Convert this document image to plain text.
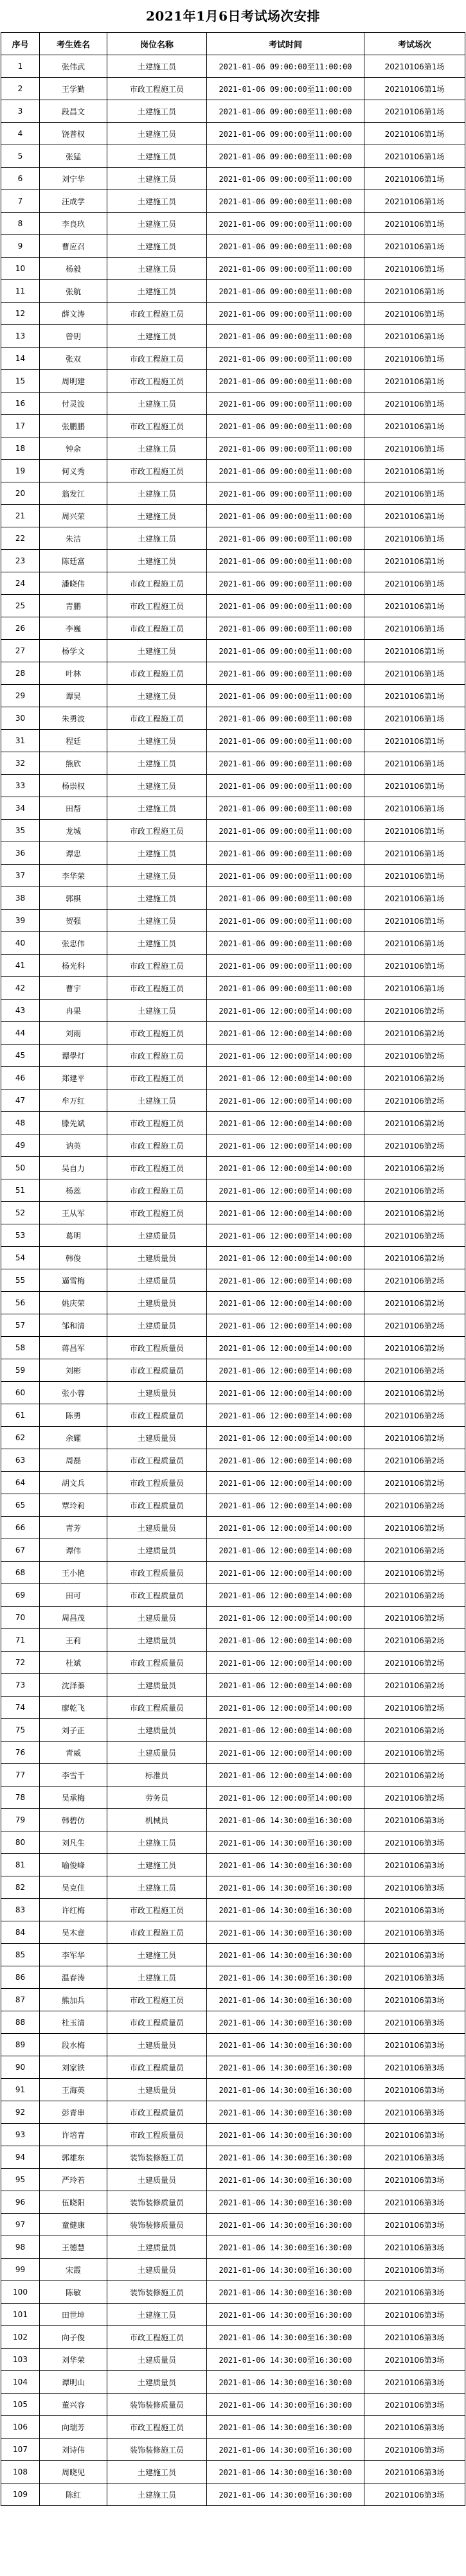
2021年1月6日考试场次安排
序号	考生姓名	岗位名称	考试时间	考试场次
1	张伟武	土建施工员	2021-01-06 09:00:00至11:00:00	20210106第1场
2	王学勤	市政工程施工员	2021-01-06 09:00:00至11:00:00	20210106第1场
3	段昌文	土建施工员	2021-01-06 09:00:00至11:00:00	20210106第1场
4	饶普权	土建施工员	2021-01-06 09:00:00至11:00:00	20210106第1场
5	张猛	土建施工员	2021-01-06 09:00:00至11:00:00	20210106第1场
6	刘宁华	土建施工员	2021-01-06 09:00:00至11:00:00	20210106第1场
7	汪成学	土建施工员	2021-01-06 09:00:00至11:00:00	20210106第1场
8	李良玖	土建施工员	2021-01-06 09:00:00至11:00:00	20210106第1场
9	曹应召	土建施工员	2021-01-06 09:00:00至11:00:00	20210106第1场
10	杨毅	土建施工员	2021-01-06 09:00:00至11:00:00	20210106第1场
11	张航	土建施工员	2021-01-06 09:00:00至11:00:00	20210106第1场
12	薛文涛	市政工程施工员	2021-01-06 09:00:00至11:00:00	20210106第1场
13	曾钥	土建施工员	2021-01-06 09:00:00至11:00:00	20210106第1场
14	张双	市政工程施工员	2021-01-06 09:00:00至11:00:00	20210106第1场
15	周明建	市政工程施工员	2021-01-06 09:00:00至11:00:00	20210106第1场
16	付灵波	土建施工员	2021-01-06 09:00:00至11:00:00	20210106第1场
17	张鹏鹏	市政工程施工员	2021-01-06 09:00:00至11:00:00	20210106第1场
18	钟余	土建施工员	2021-01-06 09:00:00至11:00:00	20210106第1场
19	何义秀	市政工程施工员	2021-01-06 09:00:00至11:00:00	20210106第1场
20	翁发江	土建施工员	2021-01-06 09:00:00至11:00:00	20210106第1场
21	周兴荣	土建施工员	2021-01-06 09:00:00至11:00:00	20210106第1场
22	朱洁	土建施工员	2021-01-06 09:00:00至11:00:00	20210106第1场
23	陈廷富	土建施工员	2021-01-06 09:00:00至11:00:00	20210106第1场
24	潘晓伟	市政工程施工员	2021-01-06 09:00:00至11:00:00	20210106第1场
25	青鹏	市政工程施工员	2021-01-06 09:00:00至11:00:00	20210106第1场
26	李巍	市政工程施工员	2021-01-06 09:00:00至11:00:00	20210106第1场
27	杨学文	土建施工员	2021-01-06 09:00:00至11:00:00	20210106第1场
28	叶林	市政工程施工员	2021-01-06 09:00:00至11:00:00	20210106第1场
29	谭昊	土建施工员	2021-01-06 09:00:00至11:00:00	20210106第1场
30	朱勇波	市政工程施工员	2021-01-06 09:00:00至11:00:00	20210106第1场
31	程廷	土建施工员	2021-01-06 09:00:00至11:00:00	20210106第1场
32	熊欣	土建施工员	2021-01-06 09:00:00至11:00:00	20210106第1场
33	杨崇权	土建施工员	2021-01-06 09:00:00至11:00:00	20210106第1场
34	田帮	土建施工员	2021-01-06 09:00:00至11:00:00	20210106第1场
35	龙城	市政工程施工员	2021-01-06 09:00:00至11:00:00	20210106第1场
36	谭忠	土建施工员	2021-01-06 09:00:00至11:00:00	20210106第1场
37	李华荣	土建施工员	2021-01-06 09:00:00至11:00:00	20210106第1场
38	郭棋	土建施工员	2021-01-06 09:00:00至11:00:00	20210106第1场
39	贺强	土建施工员	2021-01-06 09:00:00至11:00:00	20210106第1场
40	张忠伟	土建施工员	2021-01-06 09:00:00至11:00:00	20210106第1场
41	杨光科	市政工程施工员	2021-01-06 09:00:00至11:00:00	20210106第1场
42	曹宇	市政工程施工员	2021-01-06 09:00:00至11:00:00	20210106第1场
43	冉果	土建施工员	2021-01-06 12:00:00至14:00:00	20210106第2场
44	刘雨	市政工程施工员	2021-01-06 12:00:00至14:00:00	20210106第2场
45	谭學灯	市政工程施工员	2021-01-06 12:00:00至14:00:00	20210106第2场
46	郑建平	市政工程施工员	2021-01-06 12:00:00至14:00:00	20210106第2场
47	牟万红	土建施工员	2021-01-06 12:00:00至14:00:00	20210106第2场
48	滕先斌	市政工程施工员	2021-01-06 12:00:00至14:00:00	20210106第2场
49	讷英	市政工程施工员	2021-01-06 12:00:00至14:00:00	20210106第2场
50	吴自力	市政工程施工员	2021-01-06 12:00:00至14:00:00	20210106第2场
51	杨蕊	市政工程施工员	2021-01-06 12:00:00至14:00:00	20210106第2场
52	王从军	市政工程施工员	2021-01-06 12:00:00至14:00:00	20210106第2场
53	葛明	土建质量员	2021-01-06 12:00:00至14:00:00	20210106第2场
54	韩俊	土建质量员	2021-01-06 12:00:00至14:00:00	20210106第2场
55	逼雪梅	土建质量员	2021-01-06 12:00:00至14:00:00	20210106第2场
56	姚庆荣	土建质量员	2021-01-06 12:00:00至14:00:00	20210106第2场
57	邹和清	土建质量员	2021-01-06 12:00:00至14:00:00	20210106第2场
58	蒋昌军	市政工程质量员	2021-01-06 12:00:00至14:00:00	20210106第2场
59	刘彬	市政工程质量员	2021-01-06 12:00:00至14:00:00	20210106第2场
60	张小蓉	土建质量员	2021-01-06 12:00:00至14:00:00	20210106第2场
61	陈勇	市政工程质量员	2021-01-06 12:00:00至14:00:00	20210106第2场
62	余耀	土建质量员	2021-01-06 12:00:00至14:00:00	20210106第2场
63	周磊	市政工程质量员	2021-01-06 12:00:00至14:00:00	20210106第2场
64	胡文兵	市政工程质量员	2021-01-06 12:00:00至14:00:00	20210106第2场
65	覃玲莉	市政工程质量员	2021-01-06 12:00:00至14:00:00	20210106第2场
66	青芳	土建质量员	2021-01-06 12:00:00至14:00:00	20210106第2场
67	谭伟	土建质量员	2021-01-06 12:00:00至14:00:00	20210106第2场
68	王小艳	市政工程质量员	2021-01-06 12:00:00至14:00:00	20210106第2场
69	田可	市政工程质量员	2021-01-06 12:00:00至14:00:00	20210106第2场
70	周昌茂	土建质量员	2021-01-06 12:00:00至14:00:00	20210106第2场
71	王莉	土建质量员	2021-01-06 12:00:00至14:00:00	20210106第2场
72	杜斌	市政工程质量员	2021-01-06 12:00:00至14:00:00	20210106第2场
73	沈泽蓁	土建质量员	2021-01-06 12:00:00至14:00:00	20210106第2场
74	廖乾飞	市政工程质量员	2021-01-06 12:00:00至14:00:00	20210106第2场
75	刘子正	土建质量员	2021-01-06 12:00:00至14:00:00	20210106第2场
76	青威	土建质量员	2021-01-06 12:00:00至14:00:00	20210106第2场
77	李雪千	标准员	2021-01-06 12:00:00至14:00:00	20210106第2场
78	吴承梅	劳务员	2021-01-06 12:00:00至14:00:00	20210106第2场
79	韩碧仿	机械员	2021-01-06 14:30:00至16:30:00	20210106第3场
80	刘凡生	土建施工员	2021-01-06 14:30:00至16:30:00	20210106第3场
81	喻俊峰	土建施工员	2021-01-06 14:30:00至16:30:00	20210106第3场
82	吴克佳	土建施工员	2021-01-06 14:30:00至16:30:00	20210106第3场
83	许红梅	市政工程施工员	2021-01-06 14:30:00至16:30:00	20210106第3场
84	吴木意	市政工程施工员	2021-01-06 14:30:00至16:30:00	20210106第3场
85	李军华	土建施工员	2021-01-06 14:30:00至16:30:00	20210106第3场
86	温春涛	土建施工员	2021-01-06 14:30:00至16:30:00	20210106第3场
87	熊加兵	市政工程施工员	2021-01-06 14:30:00至16:30:00	20210106第3场
88	杜玉清	市政工程质量员	2021-01-06 14:30:00至16:30:00	20210106第3场
89	段水梅	土建质量员	2021-01-06 14:30:00至16:30:00	20210106第3场
90	刘家铁	市政工程质量员	2021-01-06 14:30:00至16:30:00	20210106第3场
91	王海英	土建质量员	2021-01-06 14:30:00至16:30:00	20210106第3场
92	彭青串	市政工程质量员	2021-01-06 14:30:00至16:30:00	20210106第3场
93	许培青	市政工程质量员	2021-01-06 14:30:00至16:30:00	20210106第3场
94	郭雄东	装饰装修施工员	2021-01-06 14:30:00至16:30:00	20210106第3场
95	严玲若	土建质量员	2021-01-06 14:30:00至16:30:00	20210106第3场
96	伍晓阳	装饰装修质量员	2021-01-06 14:30:00至16:30:00	20210106第3场
97	童健康	装饰装修质量员	2021-01-06 14:30:00至16:30:00	20210106第3场
98	王德慧	土建质量员	2021-01-06 14:30:00至16:30:00	20210106第3场
99	宋霞	土建质量员	2021-01-06 14:30:00至16:30:00	20210106第3场
100	陈敏	装饰装修施工员	2021-01-06 14:30:00至16:30:00	20210106第3场
101	田世坤	土建施工员	2021-01-06 14:30:00至16:30:00	20210106第3场
102	向子俊	市政工程施工员	2021-01-06 14:30:00至16:30:00	20210106第3场
103	刘华荣	土建质量员	2021-01-06 14:30:00至16:30:00	20210106第3场
104	谭明山	土建质量员	2021-01-06 14:30:00至16:30:00	20210106第3场
105	董兴容	装饰装修质量员	2021-01-06 14:30:00至16:30:00	20210106第3场
106	向瑞芳	市政工程施工员	2021-01-06 14:30:00至16:30:00	20210106第3场
107	刘诗伟	装饰装修施工员	2021-01-06 14:30:00至16:30:00	20210106第3场
108	周晓见	土建施工员	2021-01-06 14:30:00至16:30:00	20210106第3场
109	陈红	土建施工员	2021-01-06 14:30:00至16:30:00	20210106第3场
